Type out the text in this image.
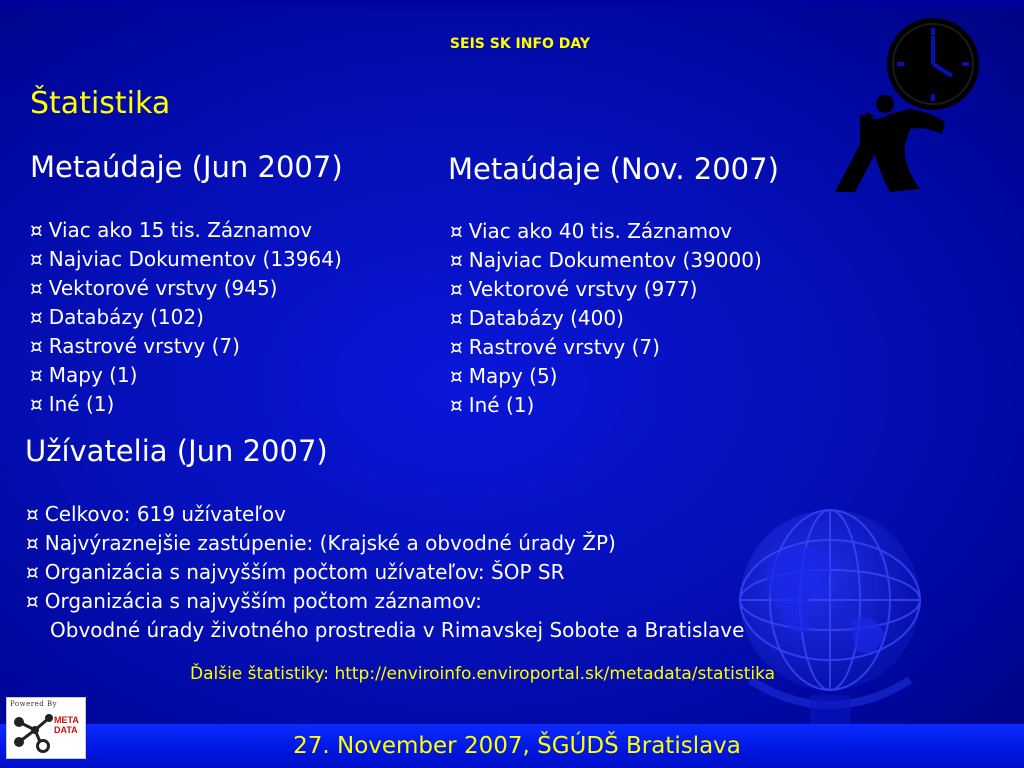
SEIS SK INFO DAY
Štatistika
Metaúdaje (Jun 2007)
¤ Viac ako 15 tis. Záznamov
¤ Najviac Dokumentov (13964)
¤ Vektorové vrstvy (945)
¤ Databázy (102)
¤ Rastrové vrstvy (7)
¤ Mapy (1)
¤ Iné (1)
Metaúdaje (Nov. 2007)
¤ Viac ako 40 tis. Záznamov
¤ Najviac Dokumentov (39000)
¤ Vektorové vrstvy (977)
¤ Databázy (400)
¤ Rastrové vrstvy (7)
¤ Mapy (5)
¤ Iné (1)
Užívatelia (Jun 2007)
¤ Celkovo: 619 užívateľov
¤ Najvýraznejšie zastúpenie: (Krajské a obvodné úrady ŽP)
¤ Organizácia s najvyšším počtom užívateľov: ŠOP SR
¤ Organizácia s najvyšším počtom záznamov:
Obvodné úrady životného prostredia v Rimavskej Sobote a Bratislave
Ďalšie štatistiky: http://enviroinfo.enviroportal.sk/metadata/statistika
27. November 2007, ŠGÚDŠ Bratislava
Powered By
META
DATA
